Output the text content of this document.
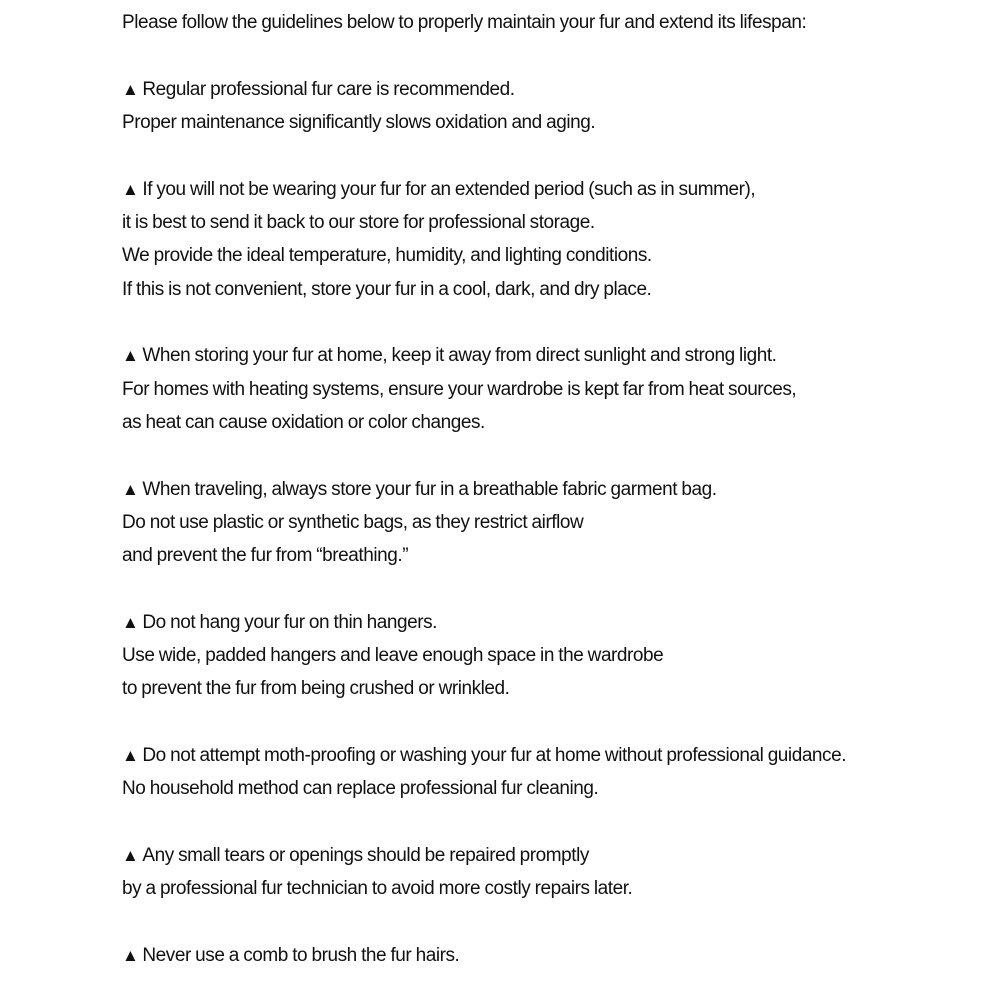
Please follow the guidelines below to properly maintain your fur and extend its lifespan:
▲ Regular professional fur care is recommended.
Proper maintenance significantly slows oxidation and aging.
▲ If you will not be wearing your fur for an extended period (such as in summer),
it is best to send it back to our store for professional storage.
We provide the ideal temperature, humidity, and lighting conditions.
If this is not convenient, store your fur in a cool, dark, and dry place.
▲ When storing your fur at home, keep it away from direct sunlight and strong light.
For homes with heating systems, ensure your wardrobe is kept far from heat sources,
as heat can cause oxidation or color changes.
▲ When traveling, always store your fur in a breathable fabric garment bag.
Do not use plastic or synthetic bags, as they restrict airflow
and prevent the fur from “breathing.”
▲ Do not hang your fur on thin hangers.
Use wide, padded hangers and leave enough space in the wardrobe
to prevent the fur from being crushed or wrinkled.
▲ Do not attempt moth-proofing or washing your fur at home without professional guidance.
No household method can replace professional fur cleaning.
▲ Any small tears or openings should be repaired promptly
by a professional fur technician to avoid more costly repairs later.
▲ Never use a comb to brush the fur hairs.
